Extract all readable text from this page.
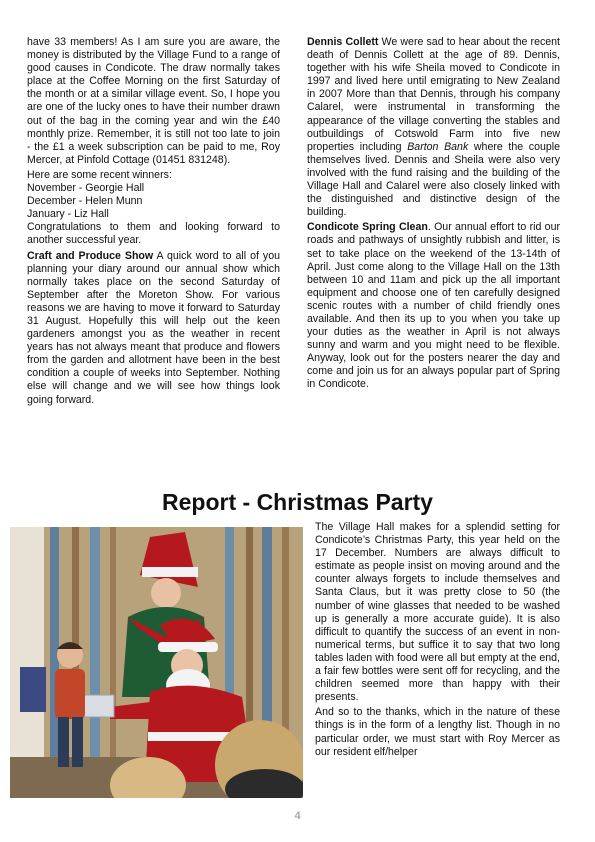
have 33 members! As I am sure you are aware, the money is distributed by the Village Fund to a range of good causes in Condicote. The draw normally takes place at the Coffee Morning on the first Saturday of the month or at a similar village event. So, I hope you are one of the lucky ones to have their number drawn out of the bag in the coming year and win the £40 monthly prize. Remember, it is still not too late to join - the £1 a week subscription can be paid to me, Roy Mercer, at Pinfold Cottage (01451 831248).

Here are some recent winners:

November - Georgie Hall
December - Helen Munn
January - Liz Hall

Congratulations to them and looking forward to another successful year.

Craft and Produce Show A quick word to all of you planning your diary around our annual show which normally takes place on the second Saturday of September after the Moreton Show. For various reasons we are having to move it forward to Saturday 31 August. Hopefully this will help out the keen gardeners amongst you as the weather in recent years has not always meant that produce and flowers from the garden and allotment have been in the best condition a couple of weeks into September. Nothing else will change and we will see how things look going forward.

Dennis Collett We were sad to hear about the recent death of Dennis Collett at the age of 89. Dennis, together with his wife Sheila moved to Condicote in 1997 and lived here until emigrating to New Zealand in 2007 More than that Dennis, through his company Calarel, were instrumental in transforming the appearance of the village converting the stables and outbuildings of Cotswold Farm into five new properties including Barton Bank where the couple themselves lived. Dennis and Sheila were also very involved with the fund raising and the building of the Village Hall and Calarel were also closely linked with the distinguished and distinctive design of the building.

Condicote Spring Clean. Our annual effort to rid our roads and pathways of unsightly rubbish and litter, is set to take place on the weekend of the 13-14th of April. Just come along to the Village Hall on the 13th between 10 and 11am and pick up the all important equipment and choose one of ten carefully designed scenic routes with a number of child friendly ones available. And then its up to you when you take up your duties as the weather in April is not always sunny and warm and you might need to be flexible. Anyway, look out for the posters nearer the day and come and join us for an always popular part of Spring in Condicote.

Report - Christmas Party

The Village Hall makes for a splendid setting for Condicote’s Christmas Party, this year held on the 17 December. Numbers are always difficult to estimate as people insist on moving around and the counter always forgets to include themselves and Santa Claus, but it was pretty close to 50 (the number of wine glasses that needed to be washed up is generally a more accurate guide). It is also difficult to quantify the success of an event in non-numerical terms, but suffice it to say that two long tables laden with food were all but empty at the end, a fair few bottles were sent off for recycling, and the children seemed more than happy with their presents.

And so to the thanks, which in the nature of these things is in the form of a lengthy list. Though in no particular order, we must start with Roy Mercer as our resident elf/helper

4
